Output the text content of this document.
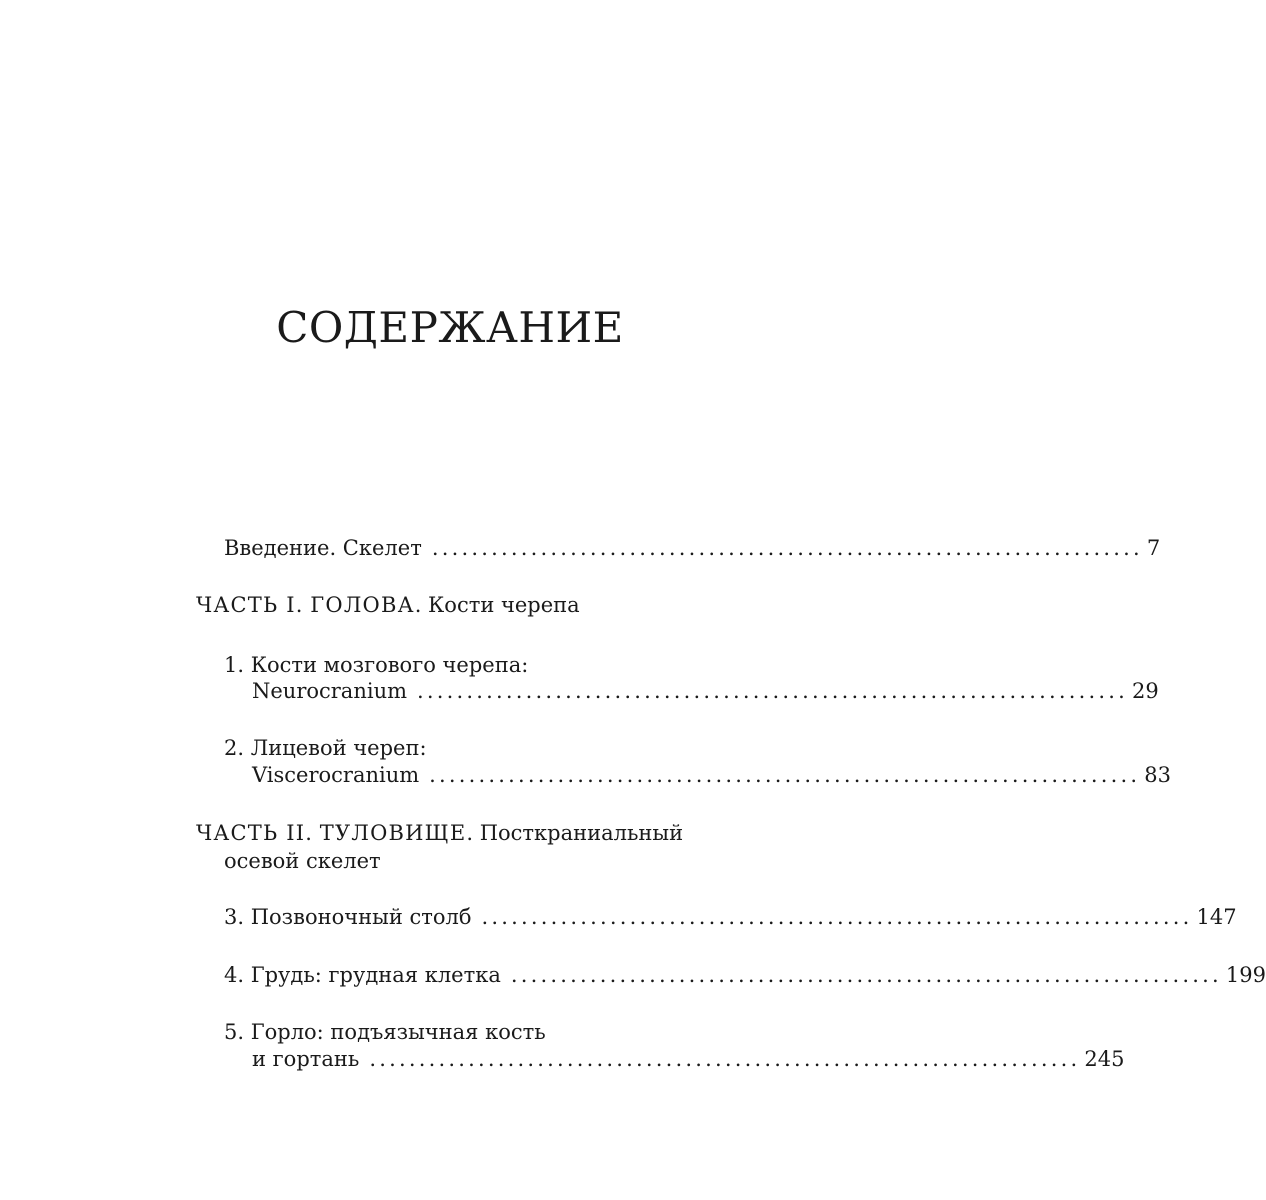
СОДЕРЖАНИЕ
Введение. Скелет ........................................................................ 7
ЧАСТЬ I. ГОЛОВА. Кости черепа
1. Кости мозгового черепа:
Neurocranium ........................................................................ 29
2. Лицевой череп:
Viscerocranium ........................................................................ 83
ЧАСТЬ II. ТУЛОВИЩЕ. Посткраниальный
осевой скелет
3. Позвоночный столб ........................................................................ 147
4. Грудь: грудная клетка ........................................................................ 199
5. Горло: подъязычная кость
и гортань ........................................................................ 245
